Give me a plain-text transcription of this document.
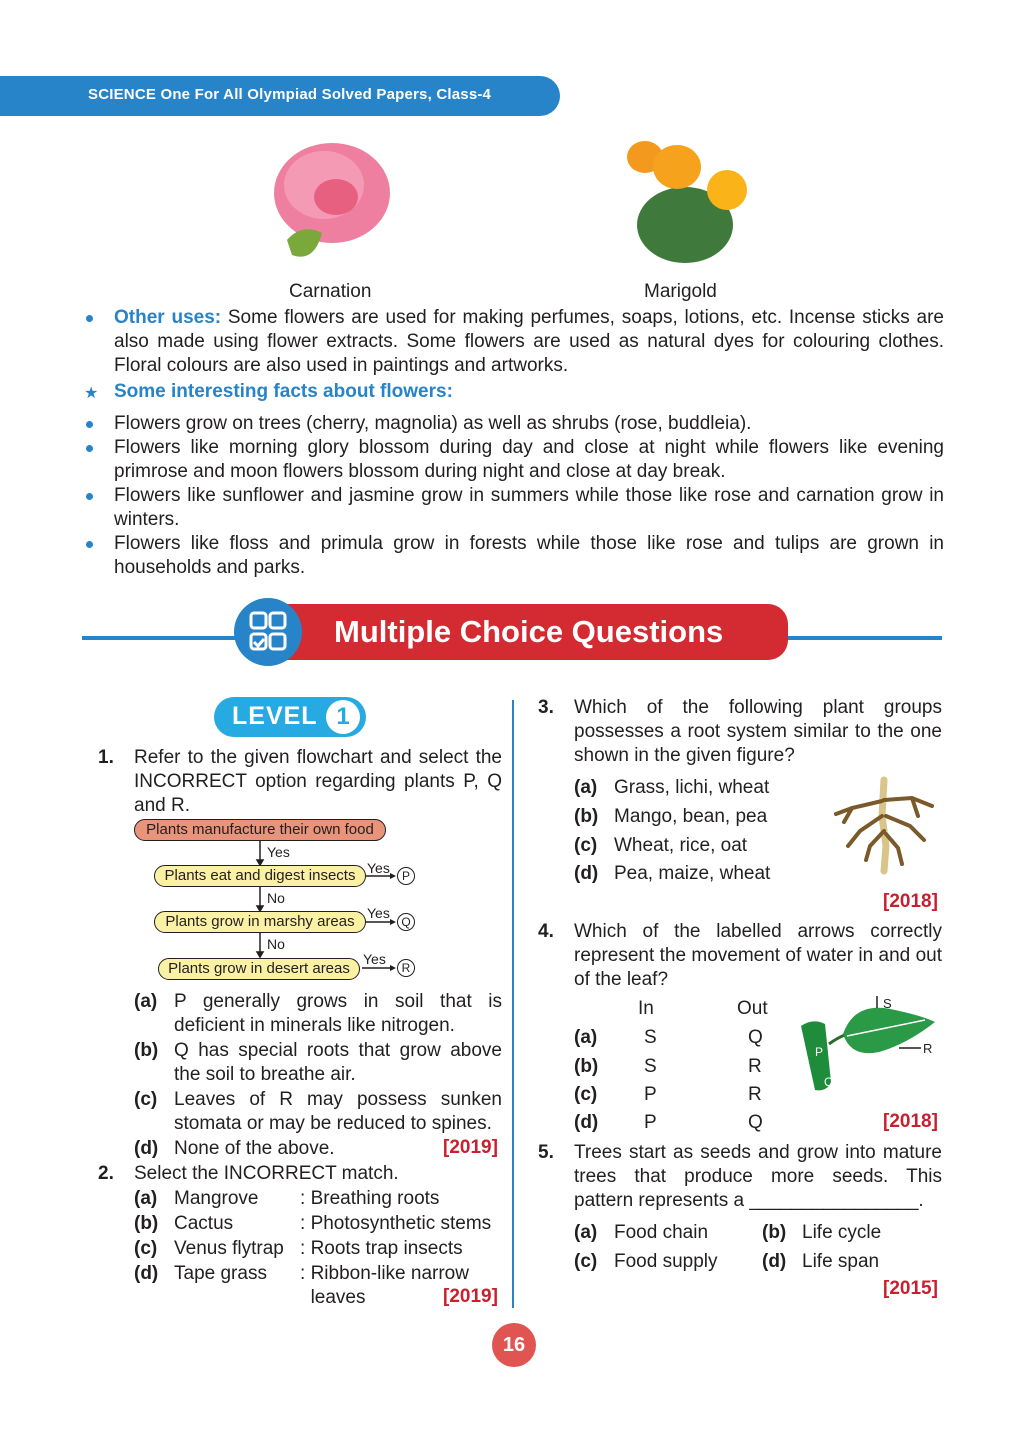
SCIENCE One For All Olympiad Solved Papers, Class-4
Carnation	Marigold
Other uses: Some flowers are used for making perfumes, soaps, lotions, etc. Incense sticks are also made using flower extracts. Some flowers are used as natural dyes for colouring clothes. Floral colours are also used in paintings and artworks.
★ Some interesting facts about flowers:
Flowers grow on trees (cherry, magnolia) as well as shrubs (rose, buddleia).
Flowers like morning glory blossom during day and close at night while flowers like evening primrose and moon flowers blossom during night and close at day break.
Flowers like sunflower and jasmine grow in summers while those like rose and carnation grow in winters.
Flowers like floss and primula grow in forests while those like rose and tulips are grown in households and parks.
Multiple Choice Questions
LEVEL 1
1. Refer to the given flowchart and select the INCORRECT option regarding plants P, Q and R.
Plants manufacture their own food
Yes
Plants eat and digest insects Yes	P
No
Plants grow in marshy areas Yes
Q
No
Plants grow in desert areas
Yes
R
(a) P generally grows in soil that is deficient in minerals like nitrogen.
(b) Q has special roots that grow above the soil to breathe air.
(c) Leaves of R may possess sunken stomata or may be reduced to spines.
(d) None of the above.	[2019]
2. Select the INCORRECT match.
(a) Mangrove : Breathing roots
(b) Cactus	: Photosynthetic stems
(c) Venus flytrap : Roots trap insects
(d) Tape grass : Ribbon-like narrow leaves	[2019]
3. Which of the following plant groups possesses a root system similar to the one shown in the given figure?
(a) Grass, lichi, wheat
(b) Mango, bean, pea
(c) Wheat, rice, oat
(d) Pea, maize, wheat
[2018]
4. Which of the labelled arrows correctly represent the movement of water in and out of the leaf?
In	Out
(a) S	Q
(b) S	R
(c) P	R
(d) P	Q
S
R
P
Q
[2018]
5. Trees start as seeds and grow into mature trees that produce more seeds. This pattern represents a ________________.
(a) Food chain	(b) Life cycle
(c) Food supply (d) Life span
[2015]
16
